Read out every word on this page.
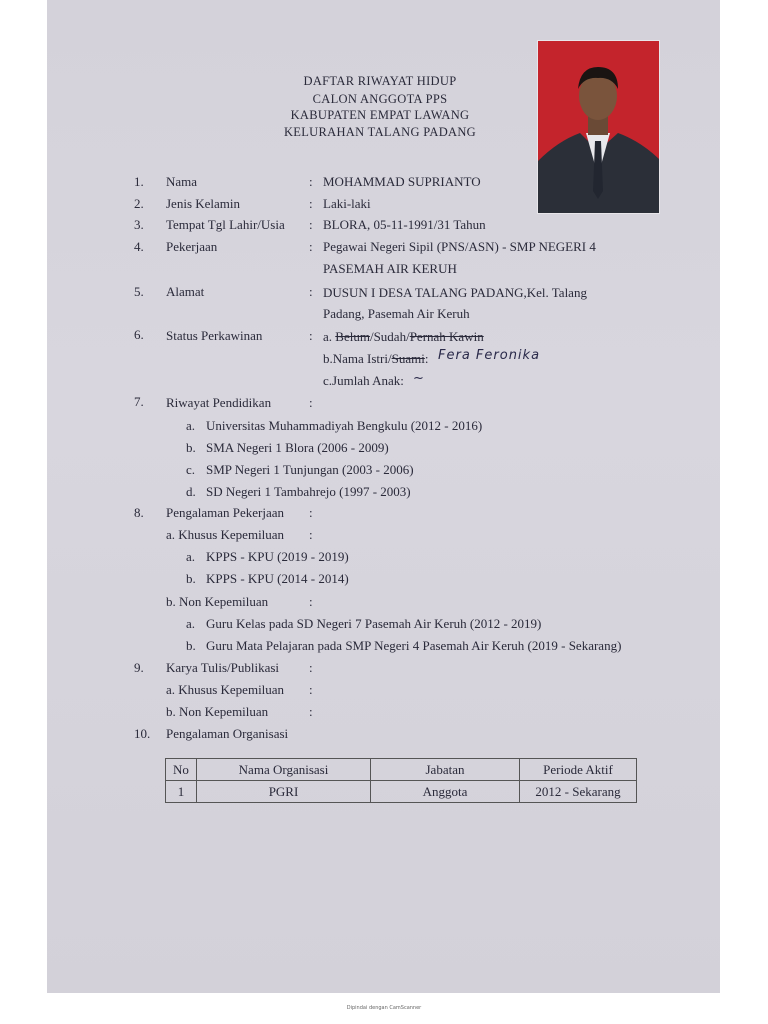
DAFTAR RIWAYAT HIDUP
CALON ANGGOTA PPS
KABUPATEN EMPAT LAWANG
KELURAHAN TALANG PADANG
1. Nama	: MOHAMMAD SUPRIANTO
2. Jenis Kelamin	: Laki-laki
3. Tempat Tgl Lahir/Usia : BLORA, 05-11-1991/31 Tahun
4. Pekerjaan	: Pegawai Negeri Sipil (PNS/ASN) - SMP NEGERI 4
PASEMAH AIR KERUH
5. Alamat	: DUSUN I DESA TALANG PADANG,Kel. Talang
Padang, Pasemah Air Keruh
6. Status Perkawinan	: a. Belum/Sudah/Pernah Kawin
b.Nama Istri/Suami: Fera Feronika
c.Jumlah Anak: ~
7. Riwayat Pendidikan	:
a. Universitas Muhammadiyah Bengkulu (2012 - 2016)
b. SMA Negeri 1 Blora (2006 - 2009)
c. SMP Negeri 1 Tunjungan (2003 - 2006)
d. SD Negeri 1 Tambahrejo (1997 - 2003)
8. Pengalaman Pekerjaan :
a. Khusus Kepemiluan :
a. KPPS - KPU (2019 - 2019)
b. KPPS - KPU (2014 - 2014)
b. Non Kepemiluan	:
a. Guru Kelas pada SD Negeri 7 Pasemah Air Keruh (2012 - 2019)
b. Guru Mata Pelajaran pada SMP Negeri 4 Pasemah Air Keruh (2019 - Sekarang)
9. Karya Tulis/Publikasi :
a. Khusus Kepemiluan :
b. Non Kepemiluan	:
10. Pengalaman Organisasi
No	Nama Organisasi	Jabatan	Periode Aktif
1	PGRI	Anggota	2012 - Sekarang
Dipindai dengan CamScanner
